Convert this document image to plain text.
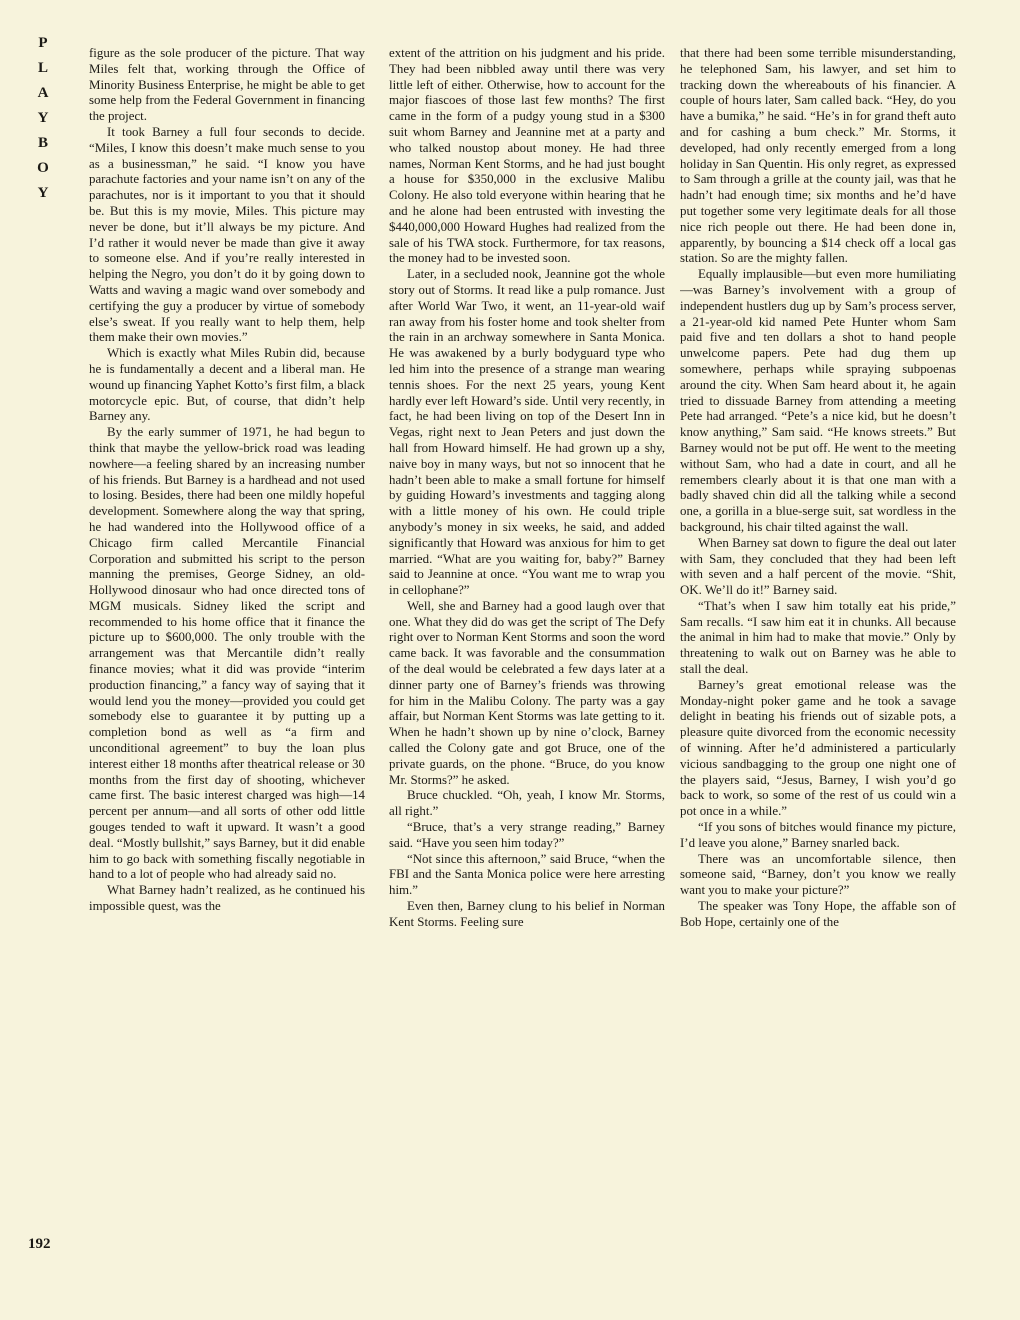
P
L
A
Y
B
O
Y
192

figure as the sole producer of the picture. That way Miles felt that, working through the Office of Minority Business Enterprise, he might be able to get some help from the Federal Government in financing the project.

It took Barney a full four seconds to decide. “Miles, I know this doesn’t make much sense to you as a businessman,” he said. “I know you have parachute factories and your name isn’t on any of the parachutes, nor is it important to you that it should be. But this is my movie, Miles. This picture may never be done, but it’ll always be my picture. And I’d rather it would never be made than give it away to someone else. And if you’re really interested in helping the Negro, you don’t do it by going down to Watts and waving a magic wand over somebody and certifying the guy a producer by virtue of somebody else’s sweat. If you really want to help them, help them make their own movies.”

Which is exactly what Miles Rubin did, because he is fundamentally a decent and a liberal man. He wound up financing Yaphet Kotto’s first film, a black motorcycle epic. But, of course, that didn’t help Barney any.

By the early summer of 1971, he had begun to think that maybe the yellow-brick road was leading nowhere—a feeling shared by an increasing number of his friends. But Barney is a hardhead and not used to losing. Besides, there had been one mildly hopeful development. Somewhere along the way that spring, he had wandered into the Hollywood office of a Chicago firm called Mercantile Financial Corporation and submitted his script to the person manning the premises, George Sidney, an old-Hollywood dinosaur who had once directed tons of MGM musicals. Sidney liked the script and recommended to his home office that it finance the picture up to $600,000. The only trouble with the arrangement was that Mercantile didn’t really finance movies; what it did was provide “interim production financing,” a fancy way of saying that it would lend you the money—provided you could get somebody else to guarantee it by putting up a completion bond as well as “a firm and unconditional agreement” to buy the loan plus interest either 18 months after theatrical release or 30 months from the first day of shooting, whichever came first. The basic interest charged was high—14 percent per annum—and all sorts of other odd little gouges tended to waft it upward. It wasn’t a good deal. “Mostly bullshit,” says Barney, but it did enable him to go back with something fiscally negotiable in hand to a lot of people who had already said no.

What Barney hadn’t realized, as he continued his impossible quest, was the

extent of the attrition on his judgment and his pride. They had been nibbled away until there was very little left of either. Otherwise, how to account for the major fiascoes of those last few months? The first came in the form of a pudgy young stud in a $300 suit whom Barney and Jeannine met at a party and who talked noustop about money. He had three names, Norman Kent Storms, and he had just bought a house for $350,000 in the exclusive Malibu Colony. He also told everyone within hearing that he and he alone had been entrusted with investing the $440,000,000 Howard Hughes had realized from the sale of his TWA stock. Furthermore, for tax reasons, the money had to be invested soon.

Later, in a secluded nook, Jeannine got the whole story out of Storms. It read like a pulp romance. Just after World War Two, it went, an 11-year-old waif ran away from his foster home and took shelter from the rain in an archway somewhere in Santa Monica. He was awakened by a burly bodyguard type who led him into the presence of a strange man wearing tennis shoes. For the next 25 years, young Kent hardly ever left Howard’s side. Until very recently, in fact, he had been living on top of the Desert Inn in Vegas, right next to Jean Peters and just down the hall from Howard himself. He had grown up a shy, naive boy in many ways, but not so innocent that he hadn’t been able to make a small fortune for himself by guiding Howard’s investments and tagging along with a little money of his own. He could triple anybody’s money in six weeks, he said, and added significantly that Howard was anxious for him to get married. “What are you waiting for, baby?” Barney said to Jeannine at once. “You want me to wrap you in cellophane?”

Well, she and Barney had a good laugh over that one. What they did do was get the script of The Defy right over to Norman Kent Storms and soon the word came back. It was favorable and the consummation of the deal would be celebrated a few days later at a dinner party one of Barney’s friends was throwing for him in the Malibu Colony. The party was a gay affair, but Norman Kent Storms was late getting to it. When he hadn’t shown up by nine o’clock, Barney called the Colony gate and got Bruce, one of the private guards, on the phone. “Bruce, do you know Mr. Storms?” he asked.

Bruce chuckled. “Oh, yeah, I know Mr. Storms, all right.”

“Bruce, that’s a very strange reading,” Barney said. “Have you seen him today?”

“Not since this afternoon,” said Bruce, “when the FBI and the Santa Monica police were here arresting him.”

Even then, Barney clung to his belief in Norman Kent Storms. Feeling sure

that there had been some terrible misunderstanding, he telephoned Sam, his lawyer, and set him to tracking down the whereabouts of his financier. A couple of hours later, Sam called back. “Hey, do you have a bumika,” he said. “He’s in for grand theft auto and for cashing a bum check.” Mr. Storms, it developed, had only recently emerged from a long holiday in San Quentin. His only regret, as expressed to Sam through a grille at the county jail, was that he hadn’t had enough time; six months and he’d have put together some very legitimate deals for all those nice rich people out there. He had been done in, apparently, by bouncing a $14 check off a local gas station. So are the mighty fallen.

Equally implausible—but even more humiliating—was Barney’s involvement with a group of independent hustlers dug up by Sam’s process server, a 21-year-old kid named Pete Hunter whom Sam paid five and ten dollars a shot to hand people unwelcome papers. Pete had dug them up somewhere, perhaps while spraying subpoenas around the city. When Sam heard about it, he again tried to dissuade Barney from attending a meeting Pete had arranged. “Pete’s a nice kid, but he doesn’t know anything,” Sam said. “He knows streets.” But Barney would not be put off. He went to the meeting without Sam, who had a date in court, and all he remembers clearly about it is that one man with a badly shaved chin did all the talking while a second one, a gorilla in a blue-serge suit, sat wordless in the background, his chair tilted against the wall.

When Barney sat down to figure the deal out later with Sam, they concluded that they had been left with seven and a half percent of the movie. “Shit, OK. We’ll do it!” Barney said.

“That’s when I saw him totally eat his pride,” Sam recalls. “I saw him eat it in chunks. All because the animal in him had to make that movie.” Only by threatening to walk out on Barney was he able to stall the deal.

Barney’s great emotional release was the Monday-night poker game and he took a savage delight in beating his friends out of sizable pots, a pleasure quite divorced from the economic necessity of winning. After he’d administered a particularly vicious sandbagging to the group one night one of the players said, “Jesus, Barney, I wish you’d go back to work, so some of the rest of us could win a pot once in a while.”

“If you sons of bitches would finance my picture, I’d leave you alone,” Barney snarled back.

There was an uncomfortable silence, then someone said, “Barney, don’t you know we really want you to make your picture?”

The speaker was Tony Hope, the affable son of Bob Hope, certainly one of the
